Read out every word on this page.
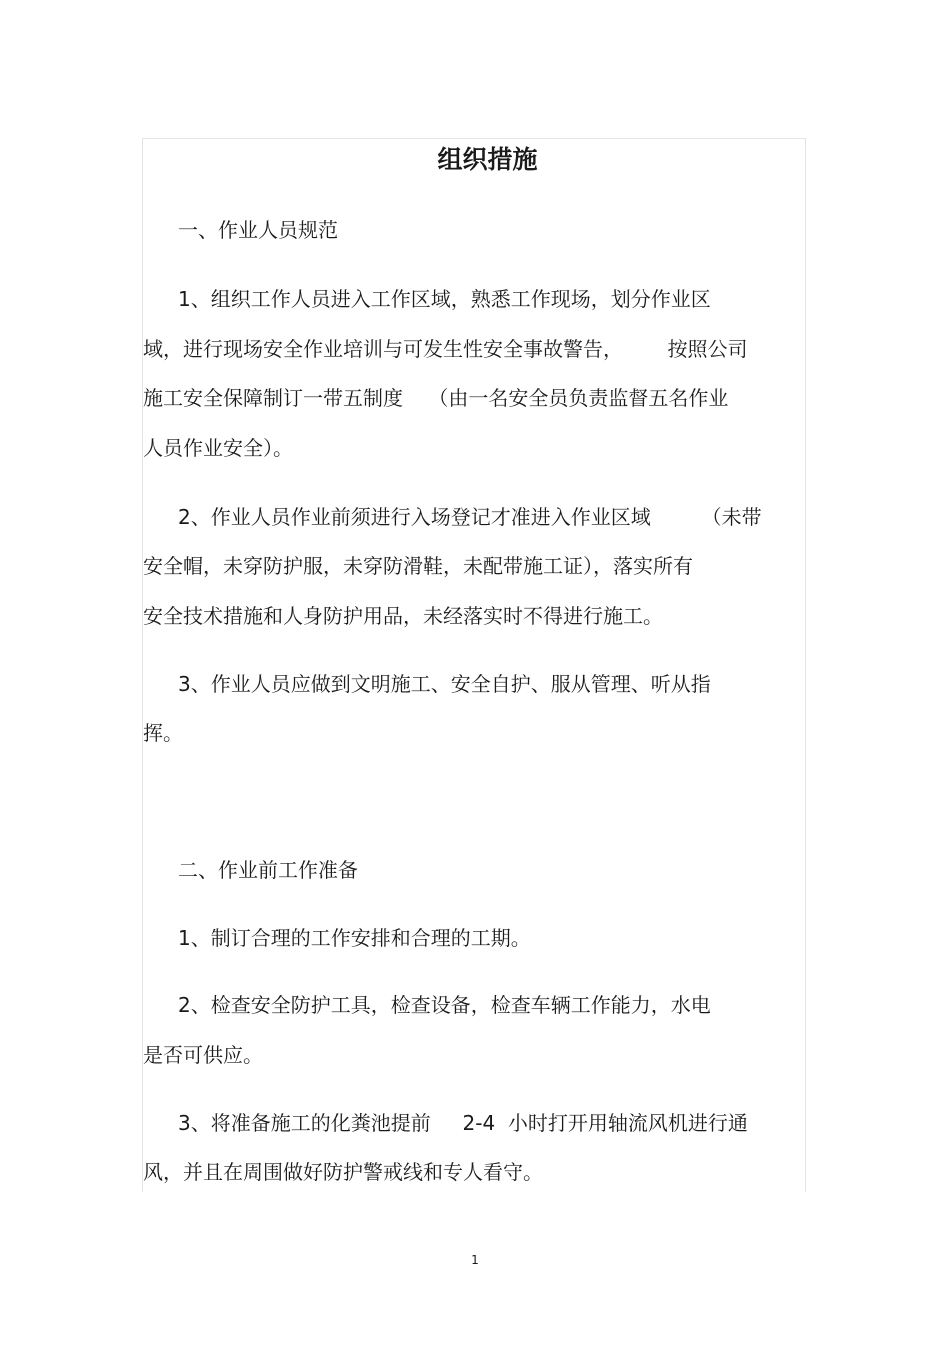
组织措施

一、作业人员规范

1、组织工作人员进入工作区域，熟悉工作现场，划分作业区

域，进行现场安全作业培训与可发生性安全事故警告，       按照公司

施工安全保障制订一带五制度    （由一名安全员负责监督五名作业

人员作业安全）。

2、作业人员作业前须进行入场登记才准进入作业区域        （未带

安全帽，未穿防护服，未穿防滑鞋，未配带施工证），落实所有

安全技术措施和人身防护用品，未经落实时不得进行施工。

3、作业人员应做到文明施工、安全自护、服从管理、听从指

挥。

二、作业前工作准备

1、制订合理的工作安排和合理的工期。

2、检查安全防护工具，检查设备，检查车辆工作能力，水电

是否可供应。

3、将准备施工的化粪池提前     2-4  小时打开用轴流风机进行通

风，并且在周围做好防护警戒线和专人看守。

1
